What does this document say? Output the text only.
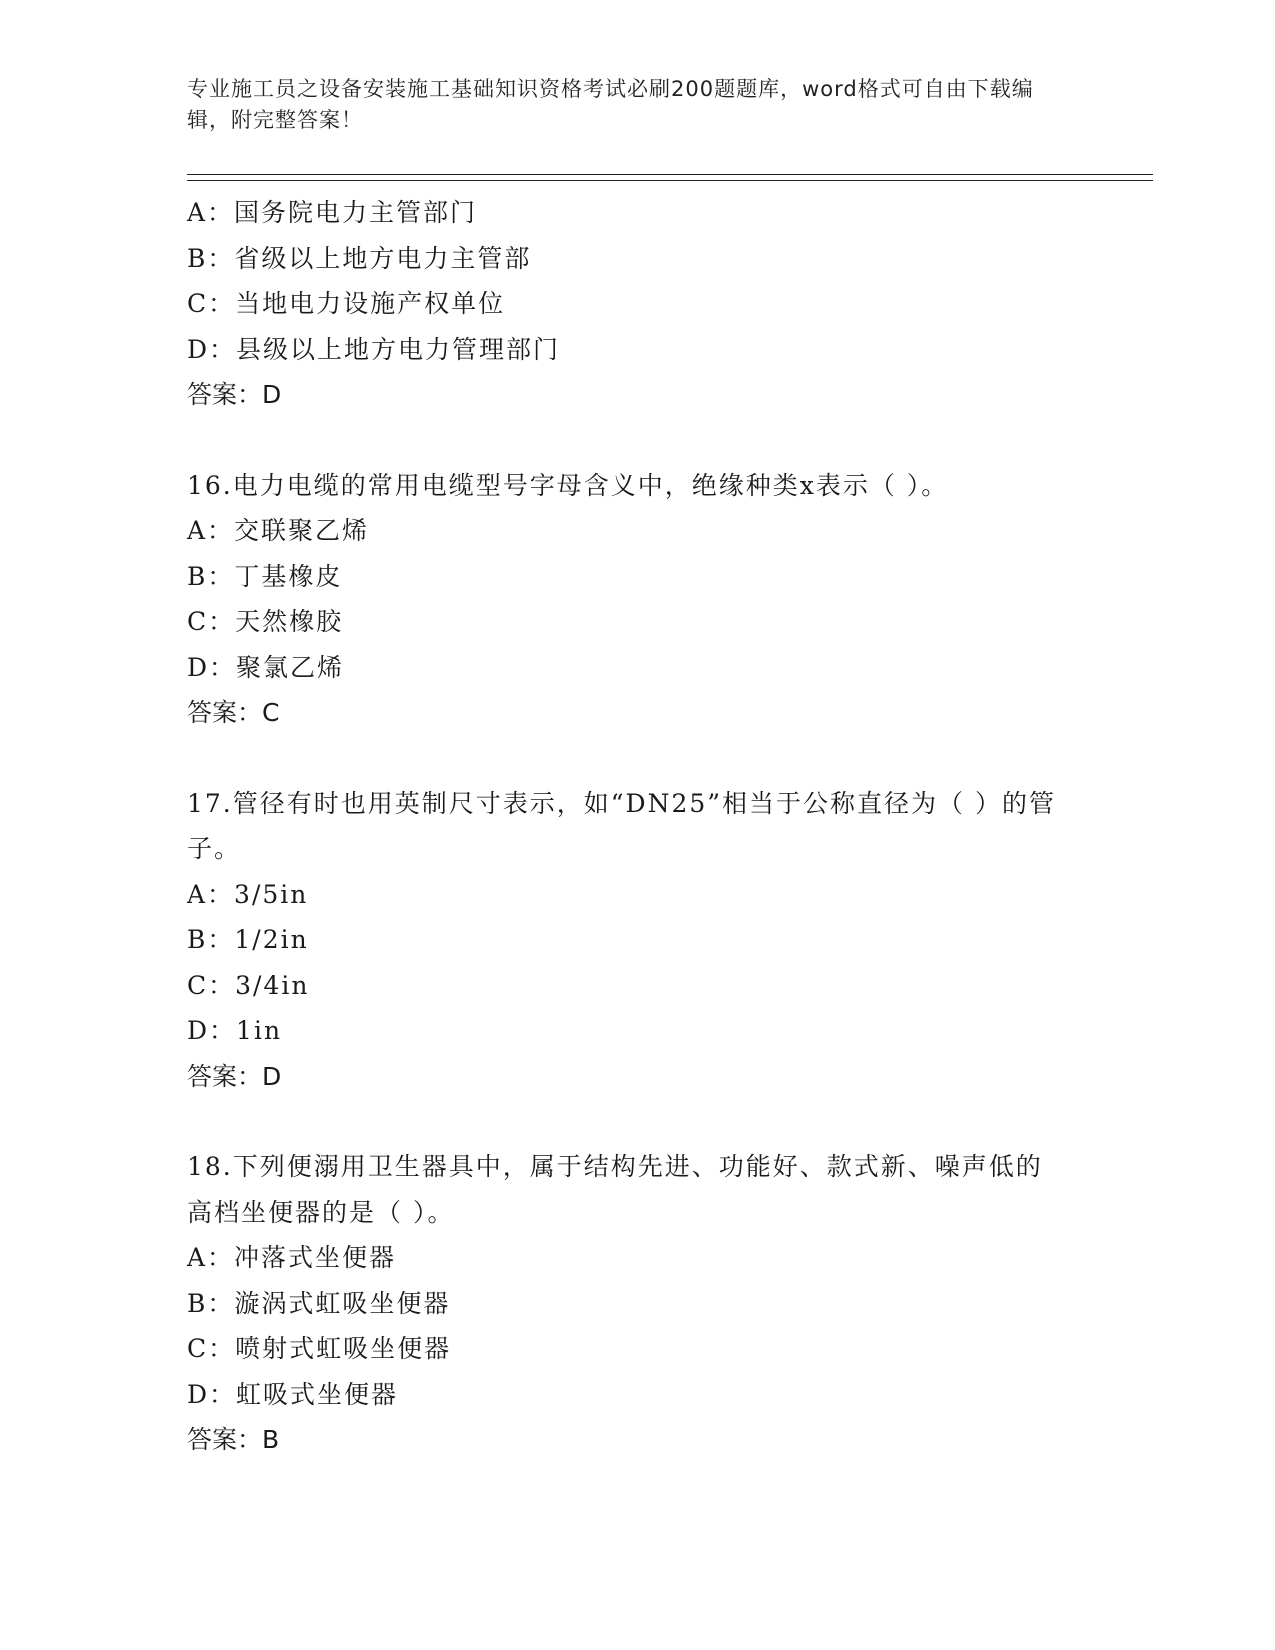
专业施工员之设备安装施工基础知识资格考试必刷200题题库，word格式可自由下载编辑，附完整答案！
A：国务院电力主管部门
B：省级以上地方电力主管部
C：当地电力设施产权单位
D：县级以上地方电力管理部门
答案：D
16.电力电缆的常用电缆型号字母含义中，绝缘种类x表示（ ）。
A：交联聚乙烯
B：丁基橡皮
C：天然橡胶
D：聚氯乙烯
答案：C
17.管径有时也用英制尺寸表示，如“DN25”相当于公称直径为（ ）的管子。
A：3/5in
B：1/2in
C：3/4in
D：1in
答案：D
18.下列便溺用卫生器具中，属于结构先进、功能好、款式新、噪声低的高档坐便器的是（ ）。
A：冲落式坐便器
B：漩涡式虹吸坐便器
C：喷射式虹吸坐便器
D：虹吸式坐便器
答案：B
